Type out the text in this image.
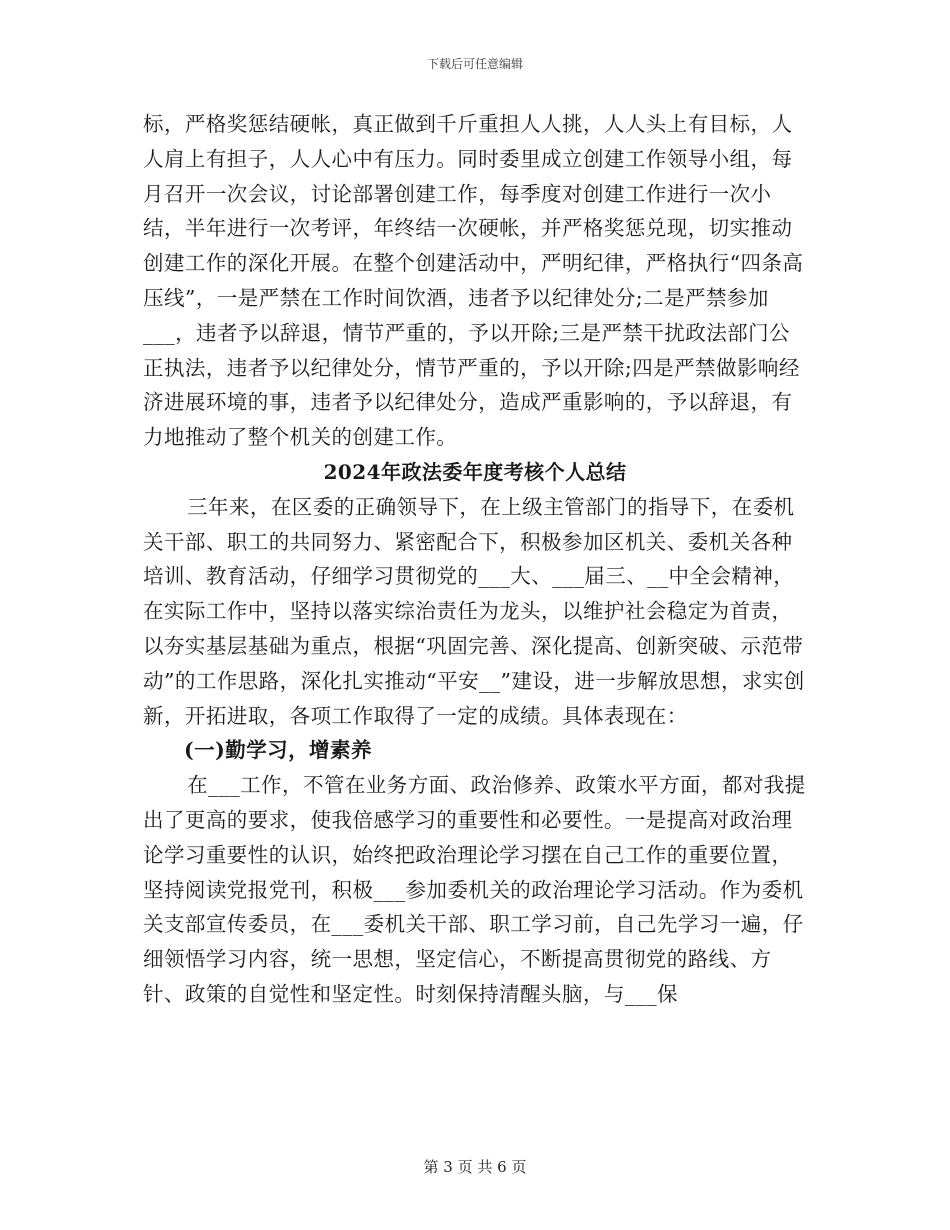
下载后可任意编辑

标，严格奖惩结硬帐，真正做到千斤重担人人挑，人人头上有目标，人人肩上有担子，人人心中有压力。同时委里成立创建工作领导小组，每月召开一次会议，讨论部署创建工作，每季度对创建工作进行一次小结，半年进行一次考评，年终结一次硬帐，并严格奖惩兑现，切实推动创建工作的深化开展。在整个创建活动中，严明纪律，严格执行“四条高压线”，一是严禁在工作时间饮酒，违者予以纪律处分;二是严禁参加___，违者予以辞退，情节严重的，予以开除;三是严禁干扰政法部门公正执法，违者予以纪律处分，情节严重的，予以开除;四是严禁做影响经济进展环境的事，违者予以纪律处分，造成严重影响的，予以辞退，有力地推动了整个机关的创建工作。

2024年政法委年度考核个人总结

三年来，在区委的正确领导下，在上级主管部门的指导下，在委机关干部、职工的共同努力、紧密配合下，积极参加区机关、委机关各种培训、教育活动，仔细学习贯彻党的___大、___届三、__中全会精神，在实际工作中，坚持以落实综治责任为龙头，以维护社会稳定为首责，以夯实基层基础为重点，根据“巩固完善、深化提高、创新突破、示范带动”的工作思路，深化扎实推动“平安__”建设，进一步解放思想，求实创新，开拓进取，各项工作取得了一定的成绩。具体表现在：

(一)勤学习，增素养

在___工作，不管在业务方面、政治修养、政策水平方面，都对我提出了更高的要求，使我倍感学习的重要性和必要性。一是提高对政治理论学习重要性的认识，始终把政治理论学习摆在自己工作的重要位置，坚持阅读党报党刊，积极___参加委机关的政治理论学习活动。作为委机关支部宣传委员，在___委机关干部、职工学习前，自己先学习一遍，仔细领悟学习内容，统一思想，坚定信心，不断提高贯彻党的路线、方针、政策的自觉性和坚定性。时刻保持清醒头脑，与___保

第 3 页 共 6 页
